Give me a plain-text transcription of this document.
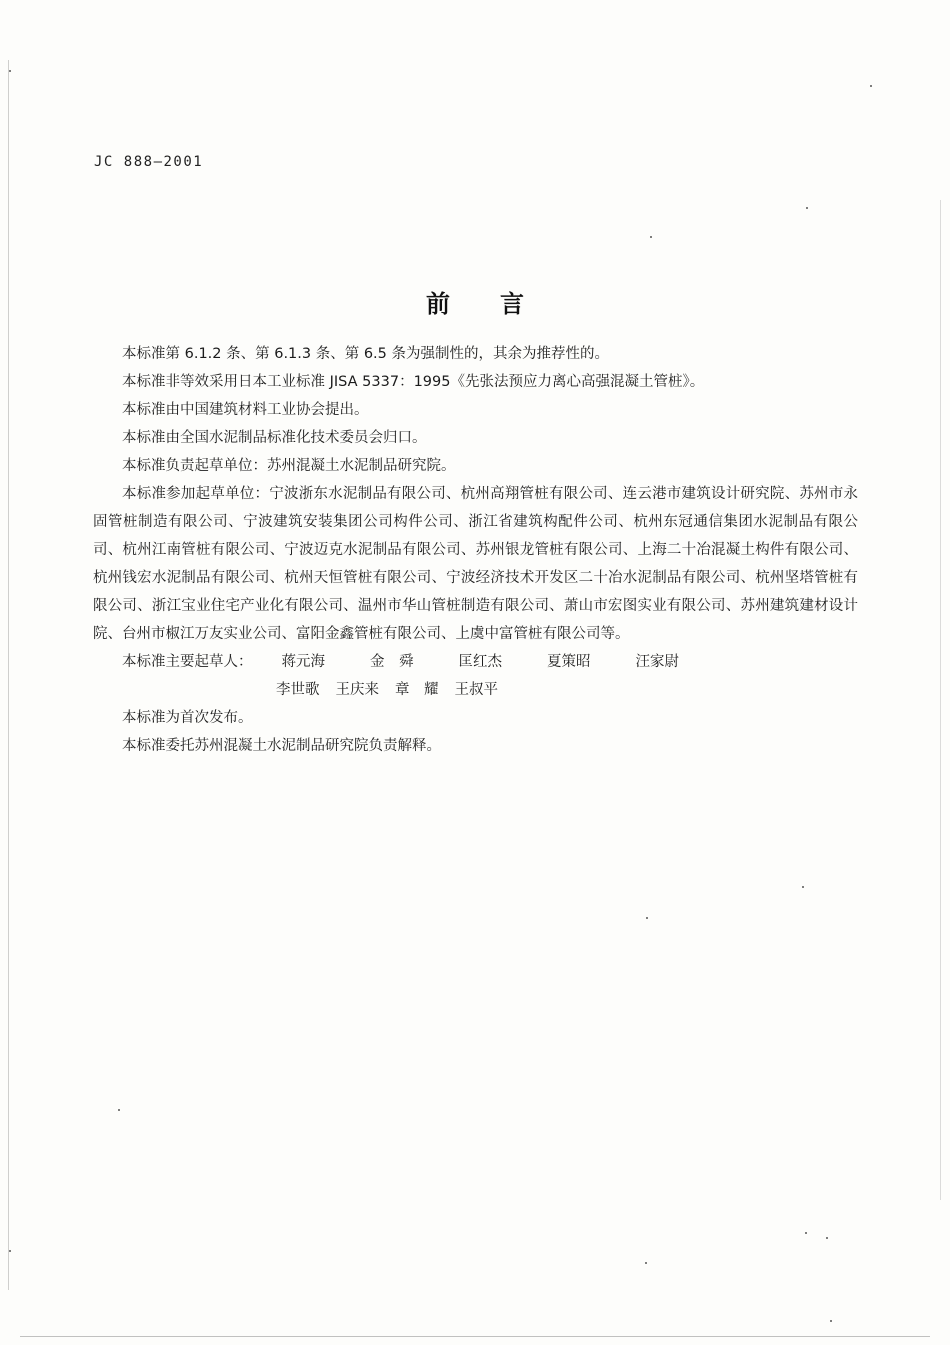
JC 888—2001
前言

本标准第 6.1.2 条、第 6.1.3 条、第 6.5 条为强制性的，其余为推荐性的。

本标准非等效采用日本工业标准 JISA 5337：1995《先张法预应力离心高强混凝土管桩》。

本标准由中国建筑材料工业协会提出。

本标准由全国水泥制品标准化技术委员会归口。

本标准负责起草单位：苏州混凝土水泥制品研究院。

本标准参加起草单位：宁波浙东水泥制品有限公司、杭州高翔管桩有限公司、连云港市建筑设计研究院、苏州市永固管桩制造有限公司、宁波建筑安装集团公司构件公司、浙江省建筑构配件公司、杭州东冠通信集团水泥制品有限公司、杭州江南管桩有限公司、宁波迈克水泥制品有限公司、苏州银龙管桩有限公司、上海二十冶混凝土构件有限公司、杭州钱宏水泥制品有限公司、杭州天恒管桩有限公司、宁波经济技术开发区二十冶水泥制品有限公司、杭州坚塔管桩有限公司、浙江宝业住宅产业化有限公司、温州市华山管桩制造有限公司、萧山市宏图实业有限公司、苏州建筑建材设计院、台州市椒江万友实业公司、富阳金鑫管桩有限公司、上虞中富管桩有限公司等。

本标准主要起草人： 蒋元海	金　舜	匡红杰	夏策昭	汪家尉

李世歌 王庆来 章　耀 王叔平

本标准为首次发布。

本标准委托苏州混凝土水泥制品研究院负责解释。
